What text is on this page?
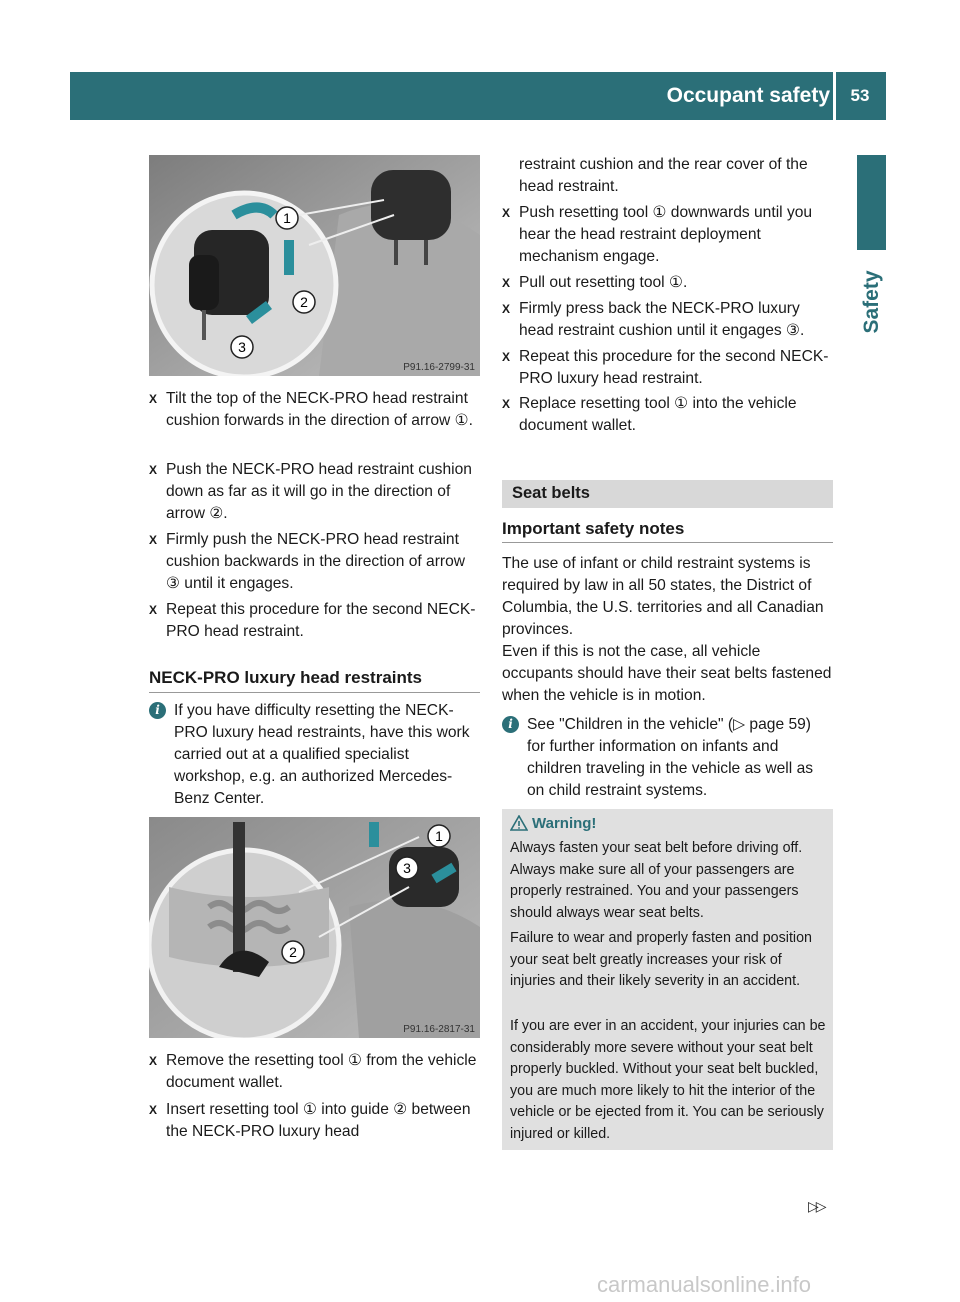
Occupant safety	53
Safety
1
2
3
P91.16-2799-31
X Tilt the top of the NECK-PRO head restraint cushion forwards in the direction of arrow ①.
X Push the NECK-PRO head restraint cushion down as far as it will go in the direction of arrow ②.
X Firmly push the NECK-PRO head restraint cushion backwards in the direction of arrow ③ until it engages.
X Repeat this procedure for the second NECK-PRO head restraint.
NECK-PRO luxury head restraints
i If you have difficulty resetting the NECK-PRO luxury head restraints, have this work carried out at a qualified specialist workshop, e.g. an authorized Mercedes-Benz Center.
1
2
3
P91.16-2817-31
X Remove the resetting tool ① from the vehicle document wallet.
X Insert resetting tool ① into guide ② between the NECK-PRO luxury head
restraint cushion and the rear cover of the head restraint.
X Push resetting tool ① downwards until you hear the head restraint deployment mechanism engage.
X Pull out resetting tool ①.
X Firmly press back the NECK-PRO luxury head restraint cushion until it engages ③.
X Repeat this procedure for the second NECK-PRO luxury head restraint.
X Replace resetting tool ① into the vehicle document wallet.
Seat belts
Important safety notes
The use of infant or child restraint systems is required by law in all 50 states, the District of Columbia, the U.S. territories and all Canadian provinces.
Even if this is not the case, all vehicle occupants should have their seat belts fastened when the vehicle is in motion.
i See "Children in the vehicle" (▷ page 59) for further information on infants and children traveling in the vehicle as well as on child restraint systems.
Warning!
Always fasten your seat belt before driving off. Always make sure all of your passengers are properly restrained. You and your passengers should always wear seat belts.
Failure to wear and properly fasten and position your seat belt greatly increases your risk of injuries and their likely severity in an accident.
If you are ever in an accident, your injuries can be considerably more severe without your seat belt properly buckled. Without your seat belt buckled, you are much more likely to hit the interior of the vehicle or be ejected from it. You can be seriously injured or killed.
▷▷
carmanualsonline.info
